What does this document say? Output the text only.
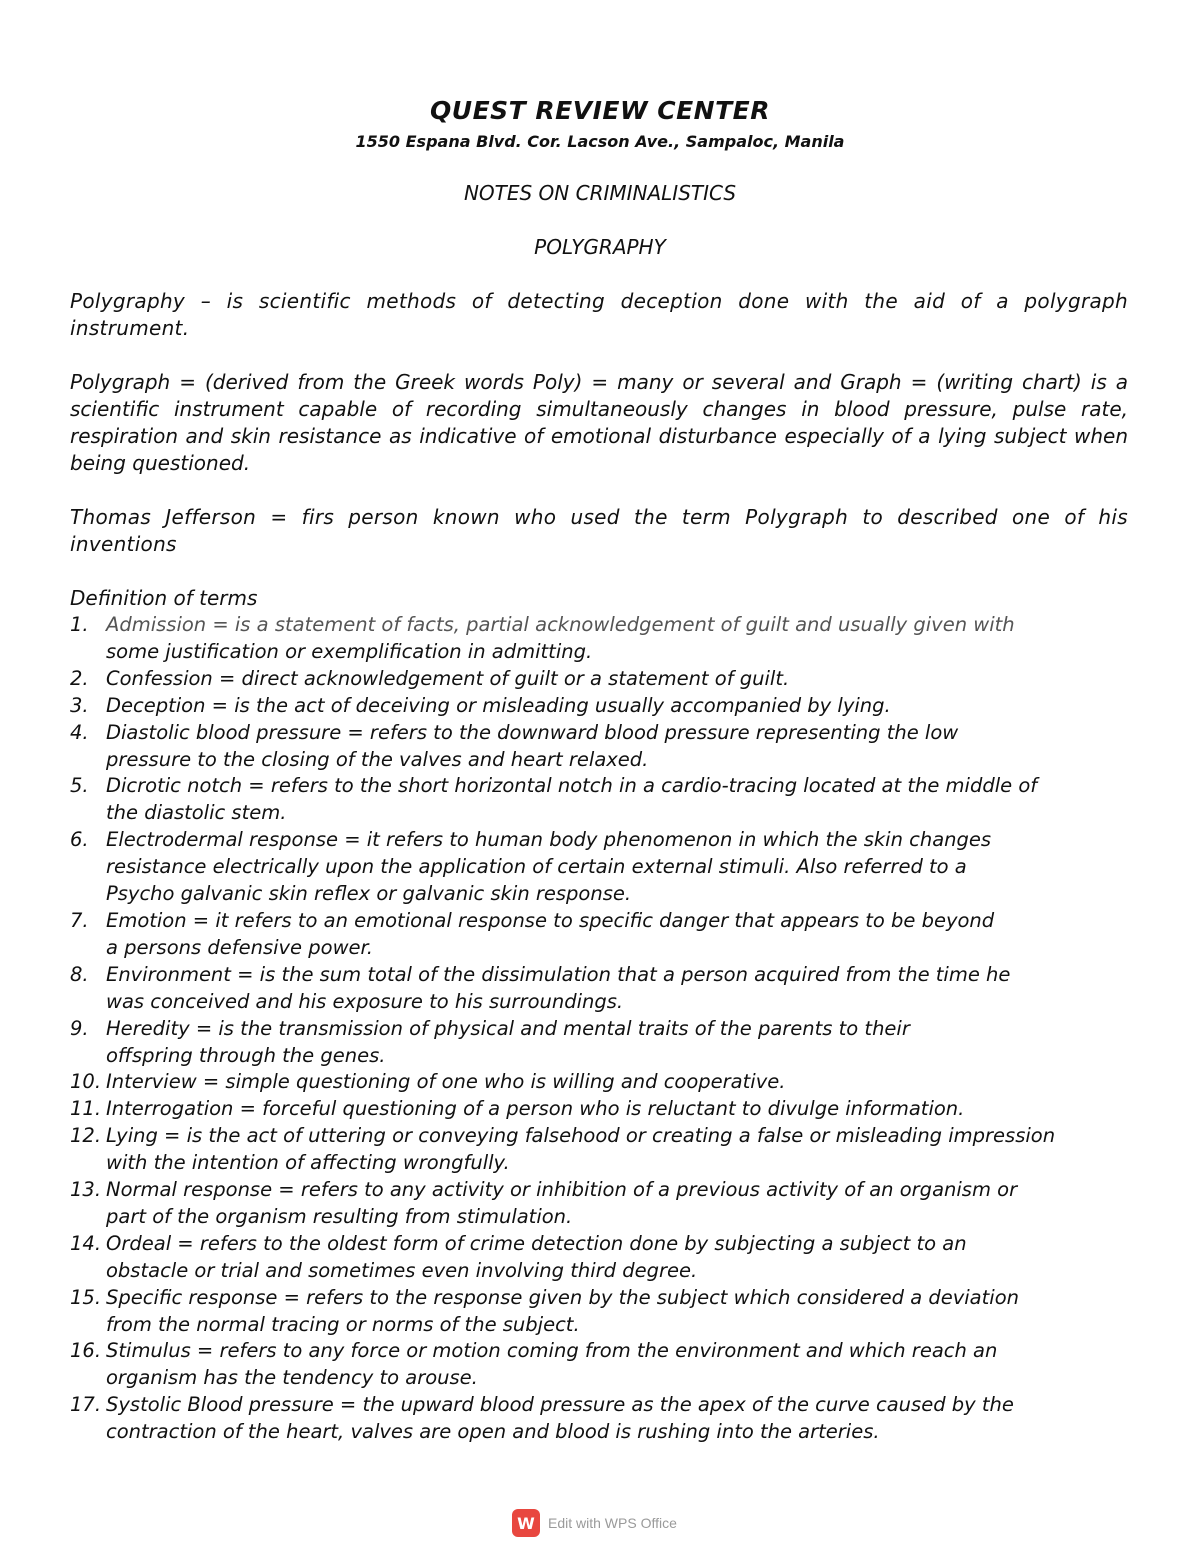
QUEST REVIEW CENTER
1550 Espana Blvd. Cor. Lacson Ave., Sampaloc, Manila
NOTES ON CRIMINALISTICS
POLYGRAPHY
Polygraphy – is scientific methods of detecting deception done with the aid of a polygraph instrument.
Polygraph = (derived from the Greek words Poly) = many or several and Graph = (writing chart) is a scientific instrument capable of recording simultaneously changes in blood pressure, pulse rate, respiration and skin resistance as indicative of emotional disturbance especially of a lying subject when being questioned.
Thomas Jefferson = firs person known who used the term Polygraph to described one of his inventions
Definition of terms
1. Admission = is a statement of facts, partial acknowledgement of guilt and usually given with
some justification or exemplification in admitting.
2. Confession = direct acknowledgement of guilt or a statement of guilt.
3. Deception = is the act of deceiving or misleading usually accompanied by lying.
4. Diastolic blood pressure = refers to the downward blood pressure representing the low
pressure to the closing of the valves and heart relaxed.
5. Dicrotic notch = refers to the short horizontal notch in a cardio-tracing located at the middle of
the diastolic stem.
6. Electrodermal response = it refers to human body phenomenon in which the skin changes
resistance electrically upon the application of certain external stimuli. Also referred to a
Psycho galvanic skin reflex or galvanic skin response.
7. Emotion = it refers to an emotional response to specific danger that appears to be beyond
a persons defensive power.
8. Environment = is the sum total of the dissimulation that a person acquired from the time he
was conceived and his exposure to his surroundings.
9. Heredity = is the transmission of physical and mental traits of the parents to their
offspring through the genes.
10. Interview = simple questioning of one who is willing and cooperative.
11. Interrogation = forceful questioning of a person who is reluctant to divulge information.
12. Lying = is the act of uttering or conveying falsehood or creating a false or misleading impression
with the intention of affecting wrongfully.
13. Normal response = refers to any activity or inhibition of a previous activity of an organism or
part of the organism resulting from stimulation.
14. Ordeal = refers to the oldest form of crime detection done by subjecting a subject to an
obstacle or trial and sometimes even involving third degree.
15. Specific response = refers to the response given by the subject which considered a deviation
from the normal tracing or norms of the subject.
16. Stimulus = refers to any force or motion coming from the environment and which reach an
organism has the tendency to arouse.
17. Systolic Blood pressure = the upward blood pressure as the apex of the curve caused by the
contraction of the heart, valves are open and blood is rushing into the arteries.
W Edit with WPS Office
